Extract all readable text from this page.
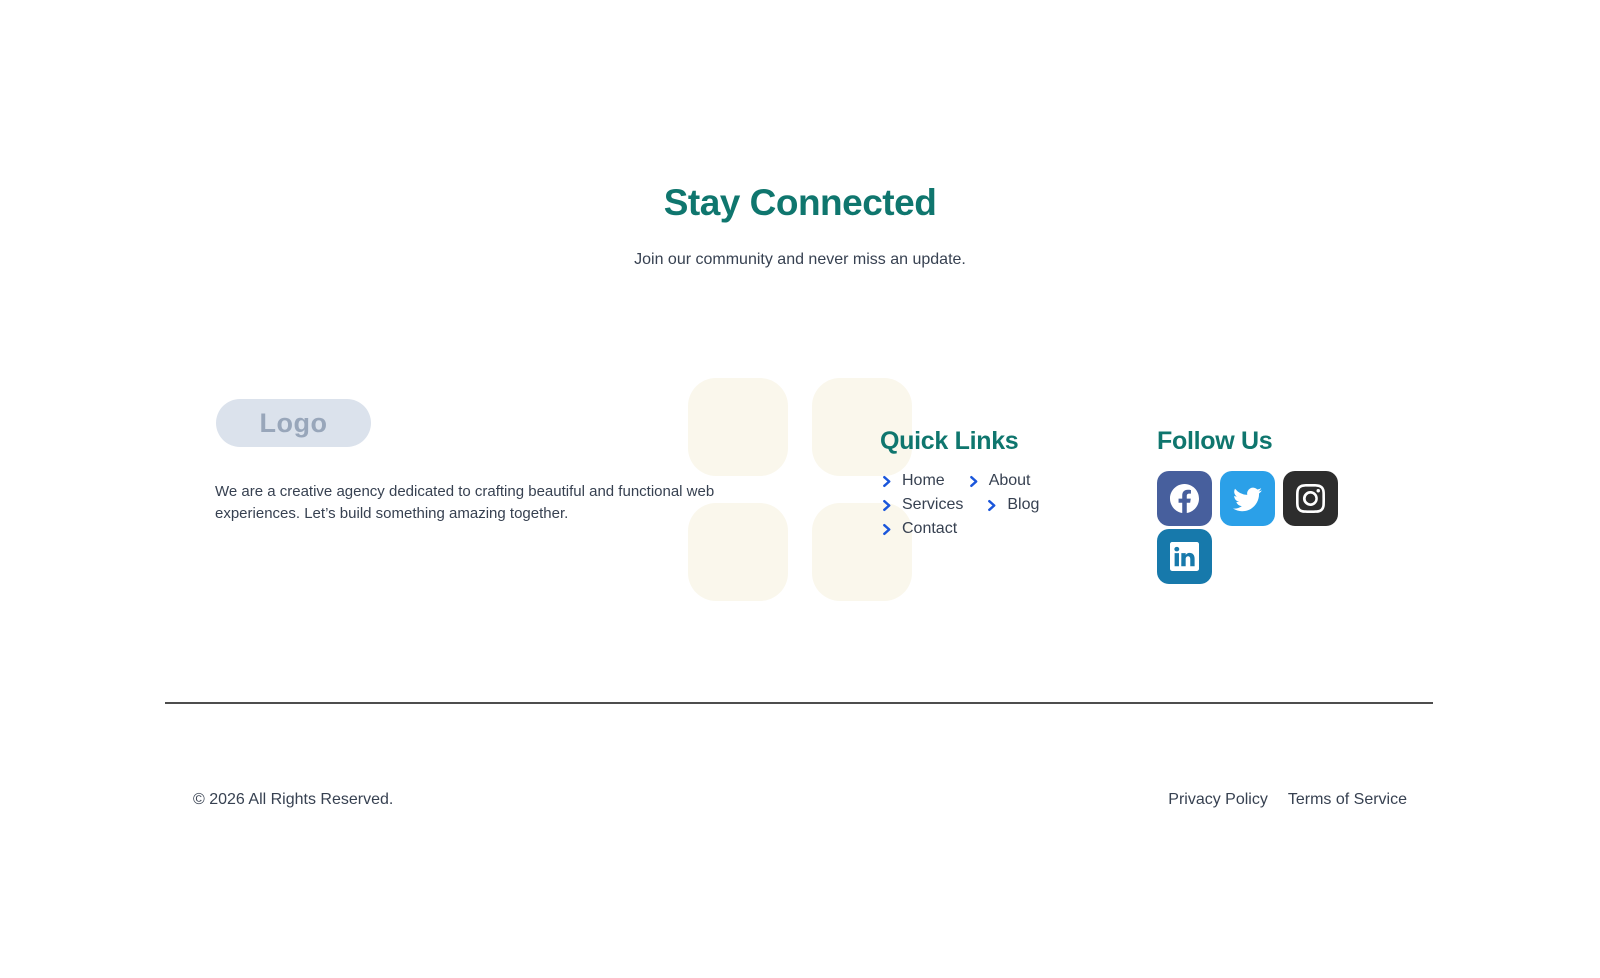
Stay Connected

Join our community and never miss an update.

Logo

We are a creative agency dedicated to crafting beautiful and functional web experiences. Let’s build something amazing together.

Quick Links
Home	About
Services	Blog
Contact
Follow Us

© 2026 All Rights Reserved.	Privacy Policy Terms of Service
